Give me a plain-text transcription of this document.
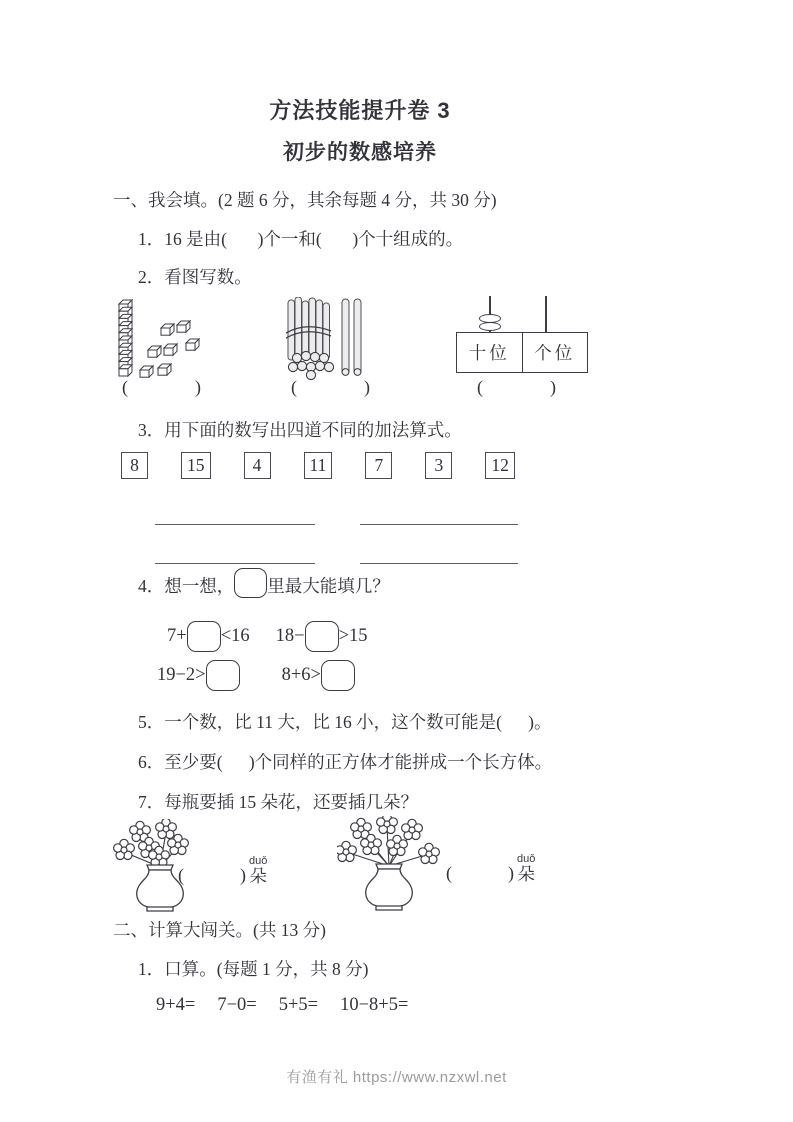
方法技能提升卷 3
初步的数感培养
一、我会填。(2 题 6 分，其余每题 4 分，共 30 分)
1．16 是由(       )个一和(       )个十组成的。
2．看图写数。
(            )	(            )
十位	个位
(            )
3．用下面的数写出四道不同的加法算式。
8	15	4	11	7	3	12
4．想一想， 里最大能填几？
7+ <16 18− >15
19−2>	8+6>
5．一个数，比 11 大，比 16 小，这个数可能是(      )。
6．至少要(      )个同样的正方体才能拼成一个长方体。
7．每瓶要插 15 朵花，还要插几朵？
(          )
duǒ
朵	(          )
duǒ
朵
二、计算大闯关。(共 13 分)
1．口算。(每题 1 分，共 8 分)
9+4= 7−0= 5+5= 10−8+5=
有渔有礼 https://www.nzxwl.net
